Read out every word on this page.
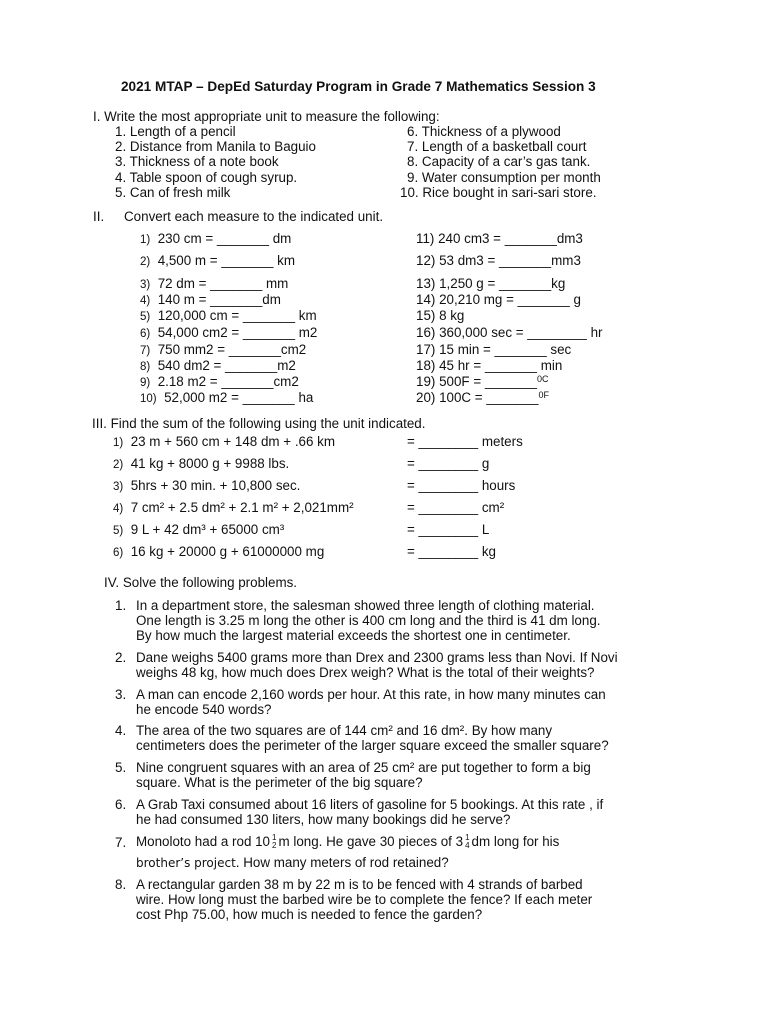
2021 MTAP – DepEd Saturday Program in Grade 7 Mathematics Session 3
I. Write the most appropriate unit to measure the following:
1. Length of a pencil
2. Distance from Manila to Baguio
3. Thickness of a note book
4. Table spoon of cough syrup.
5. Can of fresh milk
6. Thickness of a plywood
7. Length of a basketball court
8. Capacity of a car’s gas tank.
9. Water consumption per month
10. Rice bought in sari-sari store.
II. Convert each measure to the indicated unit.
1) 230 cm = _______ dm
2) 4,500 m = _______ km
3) 72 dm = _______ mm
4) 140 m = _______dm
5) 120,000 cm = _______ km
6) 54,000 cm2 = _______ m2
7) 750 mm2 = _______cm2
8) 540 dm2 = _______m2
9)  2.18 m2 = _______cm2
10)  52,000 m2 = _______ ha
11) 240 cm3 = _______dm3
12) 53 dm3 = _______mm3
13) 1,250 g = _______kg
14) 20,210 mg = _______ g
15) 8 kg
16) 360,000 sec = ________ hr
17) 15 min = _______ sec
18) 45 hr = _______ min
19) 500F = _______$^{0C}$
20) 100C = _______$^{0F}$
III. Find the sum of the following using the unit indicated.
1) 23 m + 560 cm + 148 dm + .66 km	= ________ meters
2) 41 kg + 8000 g + 9988 lbs.	= ________ g
3) 5hrs + 30 min. + 10,800 sec.	= ________ hours
4) 7 cm² + 2.5 dm² + 2.1 m² + 2,021mm²	= ________ cm²
5) 9 L + 42 dm³ + 65000 cm³	= ________ L
6) 16 kg + 20000 g + 61000000 mg	= ________ kg
IV. Solve the following problems.
1. In a department store, the salesman showed three length of clothing material.
One length is 3.25 m long the other is 400 cm long and the third is 41 dm long.
By how much the largest material exceeds the shortest one in centimeter.
2. Dane weighs 5400 grams more than Drex and 2300 grams less than Novi. If Novi
weighs 48 kg, how much does Drex weigh? What is the total of their weights?
3. A man can encode 2,160 words per hour. At this rate, in how many minutes can
he encode 540 words?
4. The area of the two squares are of 144 cm² and 16 dm². By how many
centimeters does the perimeter of the larger square exceed the smaller square?
5. Nine congruent squares with an area of 25 cm² are put together to form a big
square. What is the perimeter of the big square?
6. A Grab Taxi consumed about 16 liters of gasoline for 5 bookings. At this rate , if
he had consumed 130 liters, how many bookings did he serve?
7. Monoloto had a rod 10 1
2 m long. He gave 30 pieces of 3 1
4 dm long for his
brother’s project. How many meters of rod retained?
8. A rectangular garden 38 m by 22 m is to be fenced with 4 strands of barbed
wire. How long must the barbed wire be to complete the fence? If each meter
cost Php 75.00, how much is needed to fence the garden?
